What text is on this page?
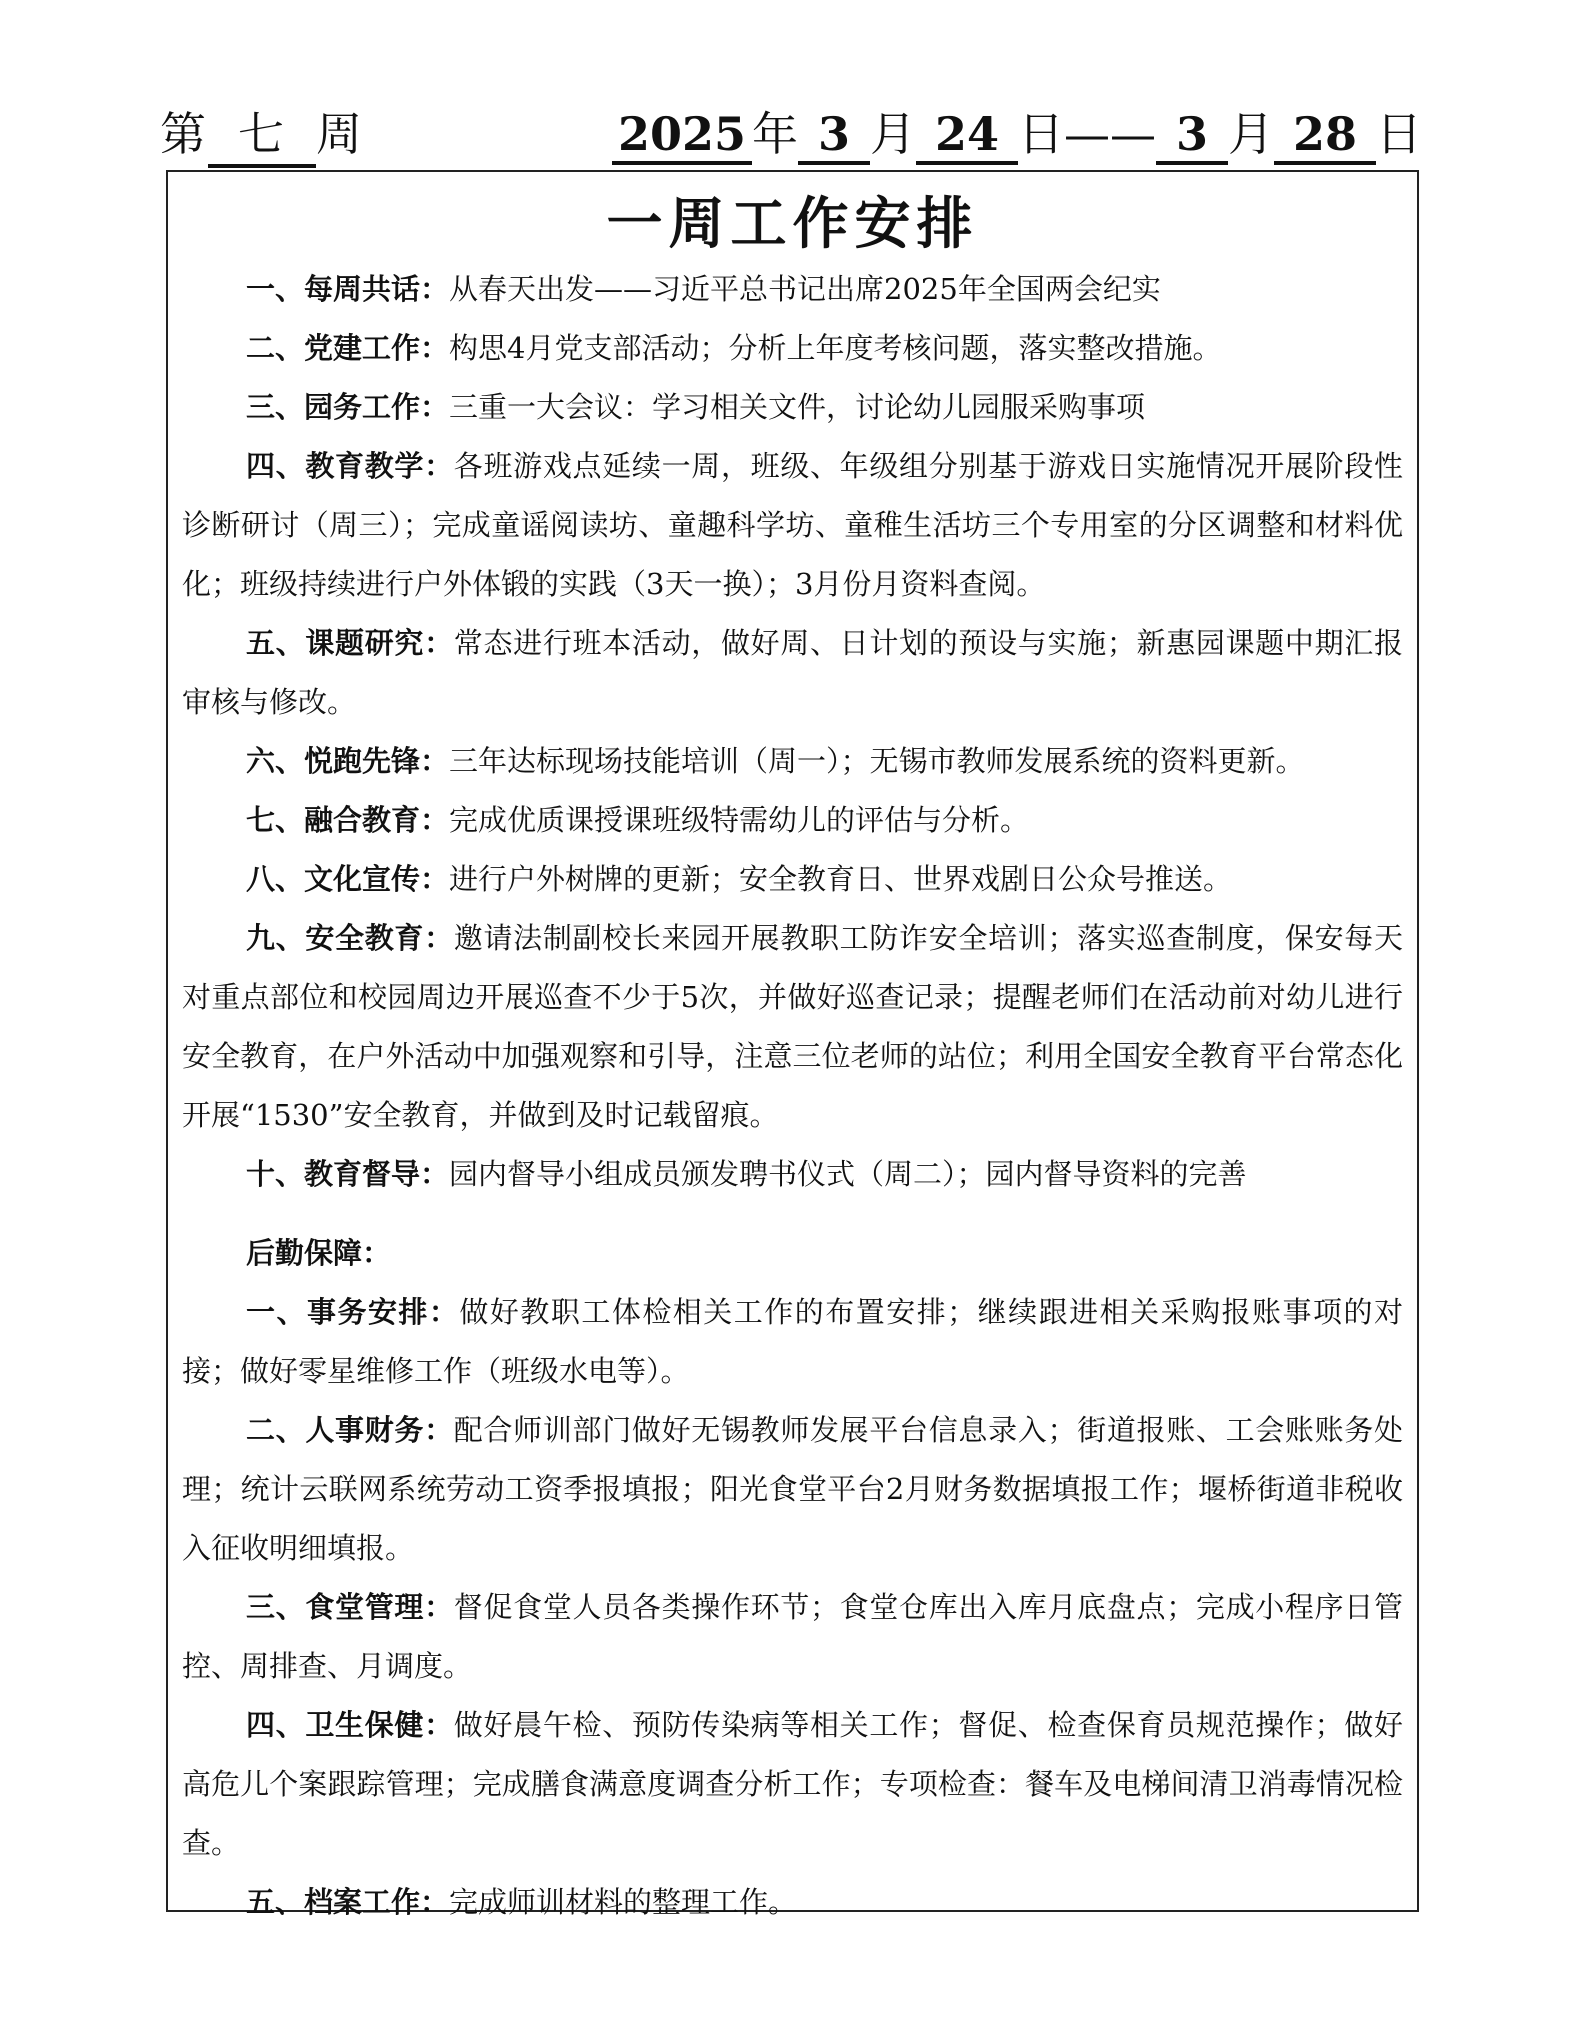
第 七 周	2025 年 3 月 24 日—— 3 月 28 日
一周工作安排

一、每周共话：从春天出发——习近平总书记出席2025年全国两会纪实

二、党建工作：构思4月党支部活动；分析上年度考核问题，落实整改措施。

三、园务工作：三重一大会议：学习相关文件，讨论幼儿园服采购事项

四、教育教学：各班游戏点延续一周，班级、年级组分别基于游戏日实施情况开展阶段性诊断研讨（周三）；完成童谣阅读坊、童趣科学坊、童稚生活坊三个专用室的分区调整和材料优化；班级持续进行户外体锻的实践（3天一换）；3月份月资料查阅。

五、课题研究：常态进行班本活动，做好周、日计划的预设与实施；新惠园课题中期汇报审核与修改。

六、悦跑先锋：三年达标现场技能培训（周一）；无锡市教师发展系统的资料更新。

七、融合教育：完成优质课授课班级特需幼儿的评估与分析。

八、文化宣传：进行户外树牌的更新；安全教育日、世界戏剧日公众号推送。

九、安全教育：邀请法制副校长来园开展教职工防诈安全培训；落实巡查制度，保安每天对重点部位和校园周边开展巡查不少于5次，并做好巡查记录；提醒老师们在活动前对幼儿进行安全教育，在户外活动中加强观察和引导，注意三位老师的站位；利用全国安全教育平台常态化开展“1530”安全教育，并做到及时记载留痕。

十、教育督导：园内督导小组成员颁发聘书仪式（周二）；园内督导资料的完善

后勤保障：

一、事务安排：做好教职工体检相关工作的布置安排；继续跟进相关采购报账事项的对接；做好零星维修工作（班级水电等）。

二、人事财务：配合师训部门做好无锡教师发展平台信息录入；街道报账、工会账账务处理；统计云联网系统劳动工资季报填报；阳光食堂平台2月财务数据填报工作；堰桥街道非税收入征收明细填报。

三、食堂管理：督促食堂人员各类操作环节；食堂仓库出入库月底盘点；完成小程序日管控、周排查、月调度。

四、卫生保健：做好晨午检、预防传染病等相关工作；督促、检查保育员规范操作；做好高危儿个案跟踪管理；完成膳食满意度调查分析工作；专项检查：餐车及电梯间清卫消毒情况检查。

五、档案工作：完成师训材料的整理工作。
